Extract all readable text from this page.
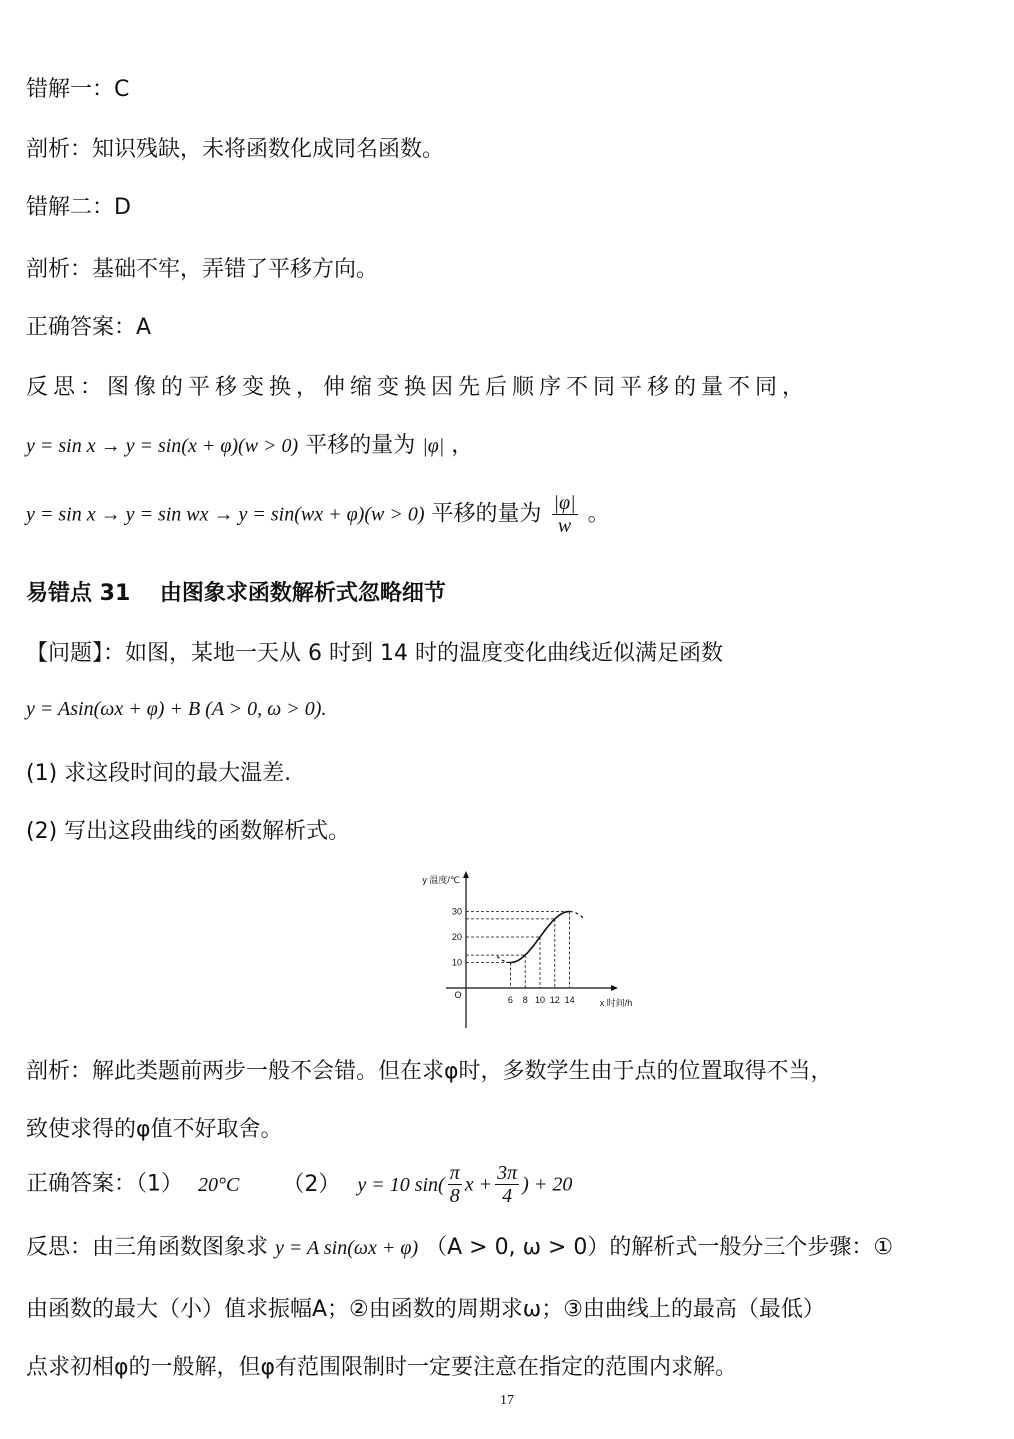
错解一：C
剖析：知识残缺，未将函数化成同名函数。
错解二：D
剖析：基础不牢，弄错了平移方向。
正确答案：A
反思：图像的平移变换，伸缩变换因先后顺序不同平移的量不同，
y = sin x → y = sin(x + φ)(w > 0) 平移的量为 |φ| ，
y = sin x → y = sin wx → y = sin(wx + φ)(w > 0) 平移的量为 $\frac{|\varphi|}{w}$ 。
易错点 31　 由图象求函数解析式忽略细节
【问题】：如图，某地一天从 6 时到 14 时的温度变化曲线近似满足函数
y = Asin(ωx + φ) + B (A > 0, ω > 0).
(1) 求这段时间的最大温差.
(2) 写出这段曲线的函数解析式。
10
20
30
6 8 10 12 14
y 温度/℃
x 时间/h
O
剖析：解此类题前两步一般不会错。但在求φ时，多数学生由于点的位置取得不当，
致使求得的φ值不好取舍。
正确答案：（1） 20°C （2） y = 10 $\sin( \frac{\pi}{8}$ $x + \frac{3\pi}{4}$ ) + 20
反思：由三角函数图象求 y = A sin(ωx + φ) （A > 0, ω > 0）的解析式一般分三个步骤：①
由函数的最大（小）值求振幅A；②由函数的周期求ω；③由曲线上的最高（最低）
点求初相φ的一般解，但φ有范围限制时一定要注意在指定的范围内求解。
17
